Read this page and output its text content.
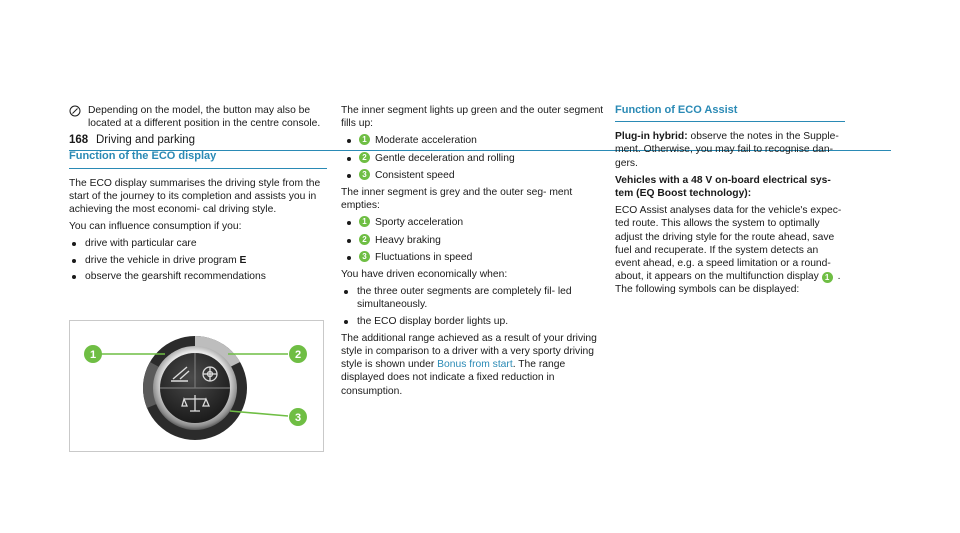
168 Driving and parking
Depending on the model, the button may also be located at a different position in the centre console.
Function of the ECO display

The ECO display summarises the driving style from the start of the journey to its completion and assists you in achieving the most economi- cal driving style.

You can influence consumption if you:

drive with particular care
drive the vehicle in drive program E
observe the gearshift recommendations
1	2
3

The inner segment lights up green and the outer segment fills up:

1 Moderate acceleration
2 Gentle deceleration and rolling
3 Consistent speed

The inner segment is grey and the outer seg- ment empties:

1 Sporty acceleration
2 Heavy braking
3 Fluctuations in speed

You have driven economically when:

the three outer segments are completely fil- led simultaneously.
the ECO display border lights up.

The additional range achieved as a result of your driving style in comparison to a driver with a very sporty driving style is shown under Bonus from start. The range displayed does not indicate a fixed reduction in consumption.

Function of ECO Assist

Plug-in hybrid: observe the notes in the Supple- ment. Otherwise, you may fail to recognise dan- gers.

Vehicles with a 48 V on-board electrical sys- tem (EQ Boost technology):

ECO Assist analyses data for the vehicle's expec- ted route. This allows the system to optimally adjust the driving style for the route ahead, save fuel and recuperate. If the system detects an event ahead, e.g. a speed limitation or a round- about, it appears on the multifunction display 1 . The following symbols can be displayed:
